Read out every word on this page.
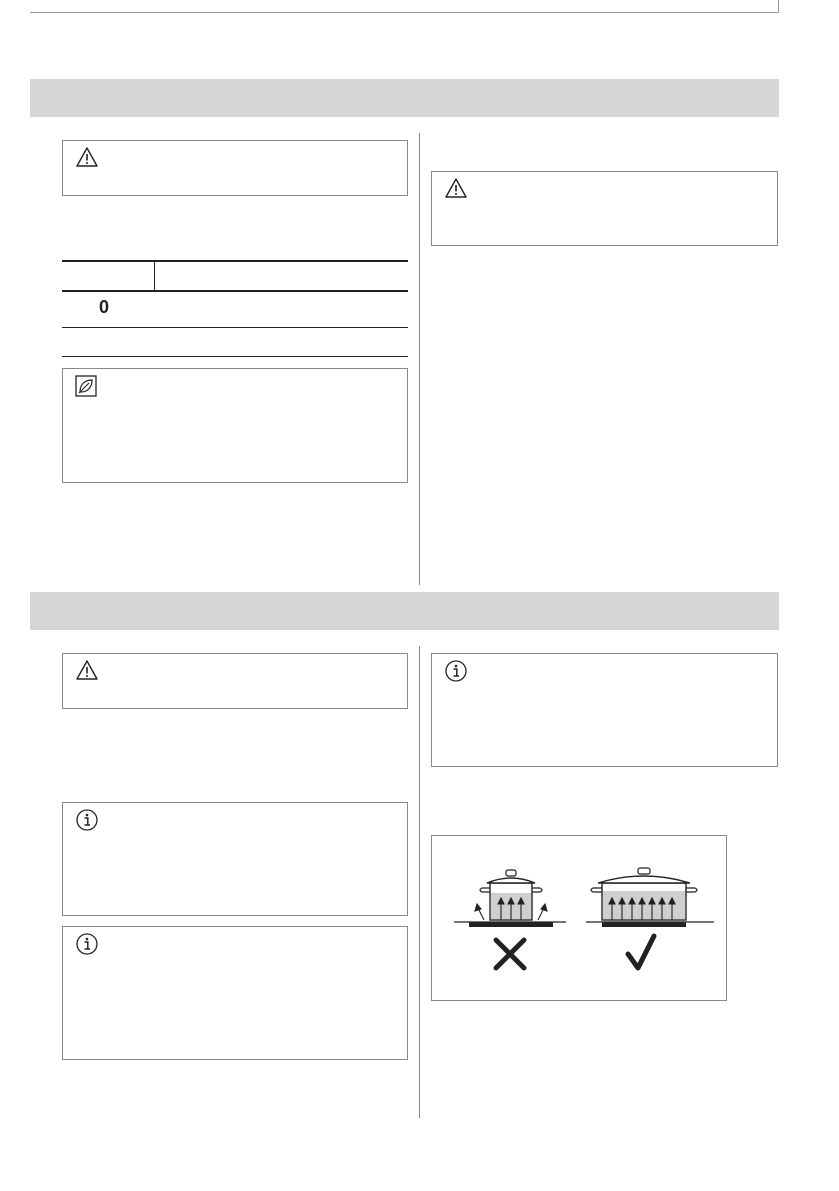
0
